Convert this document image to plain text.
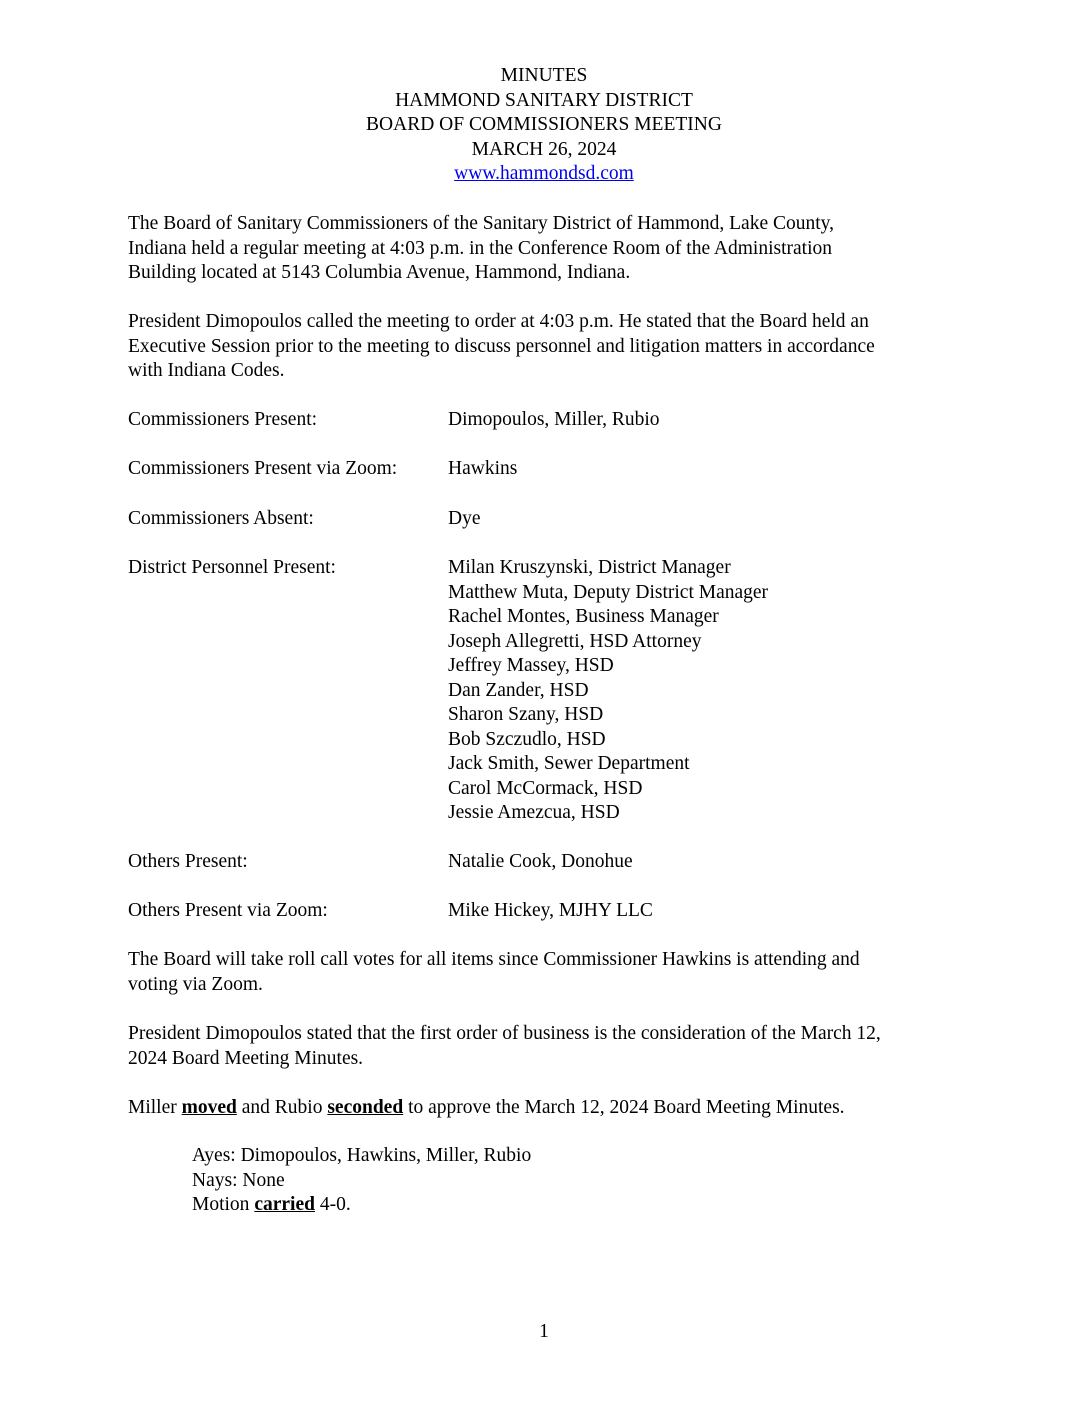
MINUTES
HAMMOND SANITARY DISTRICT
BOARD OF COMMISSIONERS MEETING
MARCH 26, 2024
www.hammondsd.com
The Board of Sanitary Commissioners of the Sanitary District of Hammond, Lake County,
Indiana held a regular meeting at 4:03 p.m. in the Conference Room of the Administration
Building located at 5143 Columbia Avenue, Hammond, Indiana.
President Dimopoulos called the meeting to order at 4:03 p.m. He stated that the Board held an
Executive Session prior to the meeting to discuss personnel and litigation matters in accordance
with Indiana Codes.
Commissioners Present:	Dimopoulos, Miller, Rubio
Commissioners Present via Zoom:	Hawkins
Commissioners Absent:	Dye
District Personnel Present:	Milan Kruszynski, District Manager
Matthew Muta, Deputy District Manager
Rachel Montes, Business Manager
Joseph Allegretti, HSD Attorney
Jeffrey Massey, HSD
Dan Zander, HSD
Sharon Szany, HSD
Bob Szczudlo, HSD
Jack Smith, Sewer Department
Carol McCormack, HSD
Jessie Amezcua, HSD
Others Present:	Natalie Cook, Donohue
Others Present via Zoom:	Mike Hickey, MJHY LLC
The Board will take roll call votes for all items since Commissioner Hawkins is attending and
voting via Zoom.
President Dimopoulos stated that the first order of business is the consideration of the March 12,
2024 Board Meeting Minutes.
Miller moved and Rubio seconded to approve the March 12, 2024 Board Meeting Minutes.
Ayes: Dimopoulos, Hawkins, Miller, Rubio
Nays: None
Motion carried 4-0.
1
